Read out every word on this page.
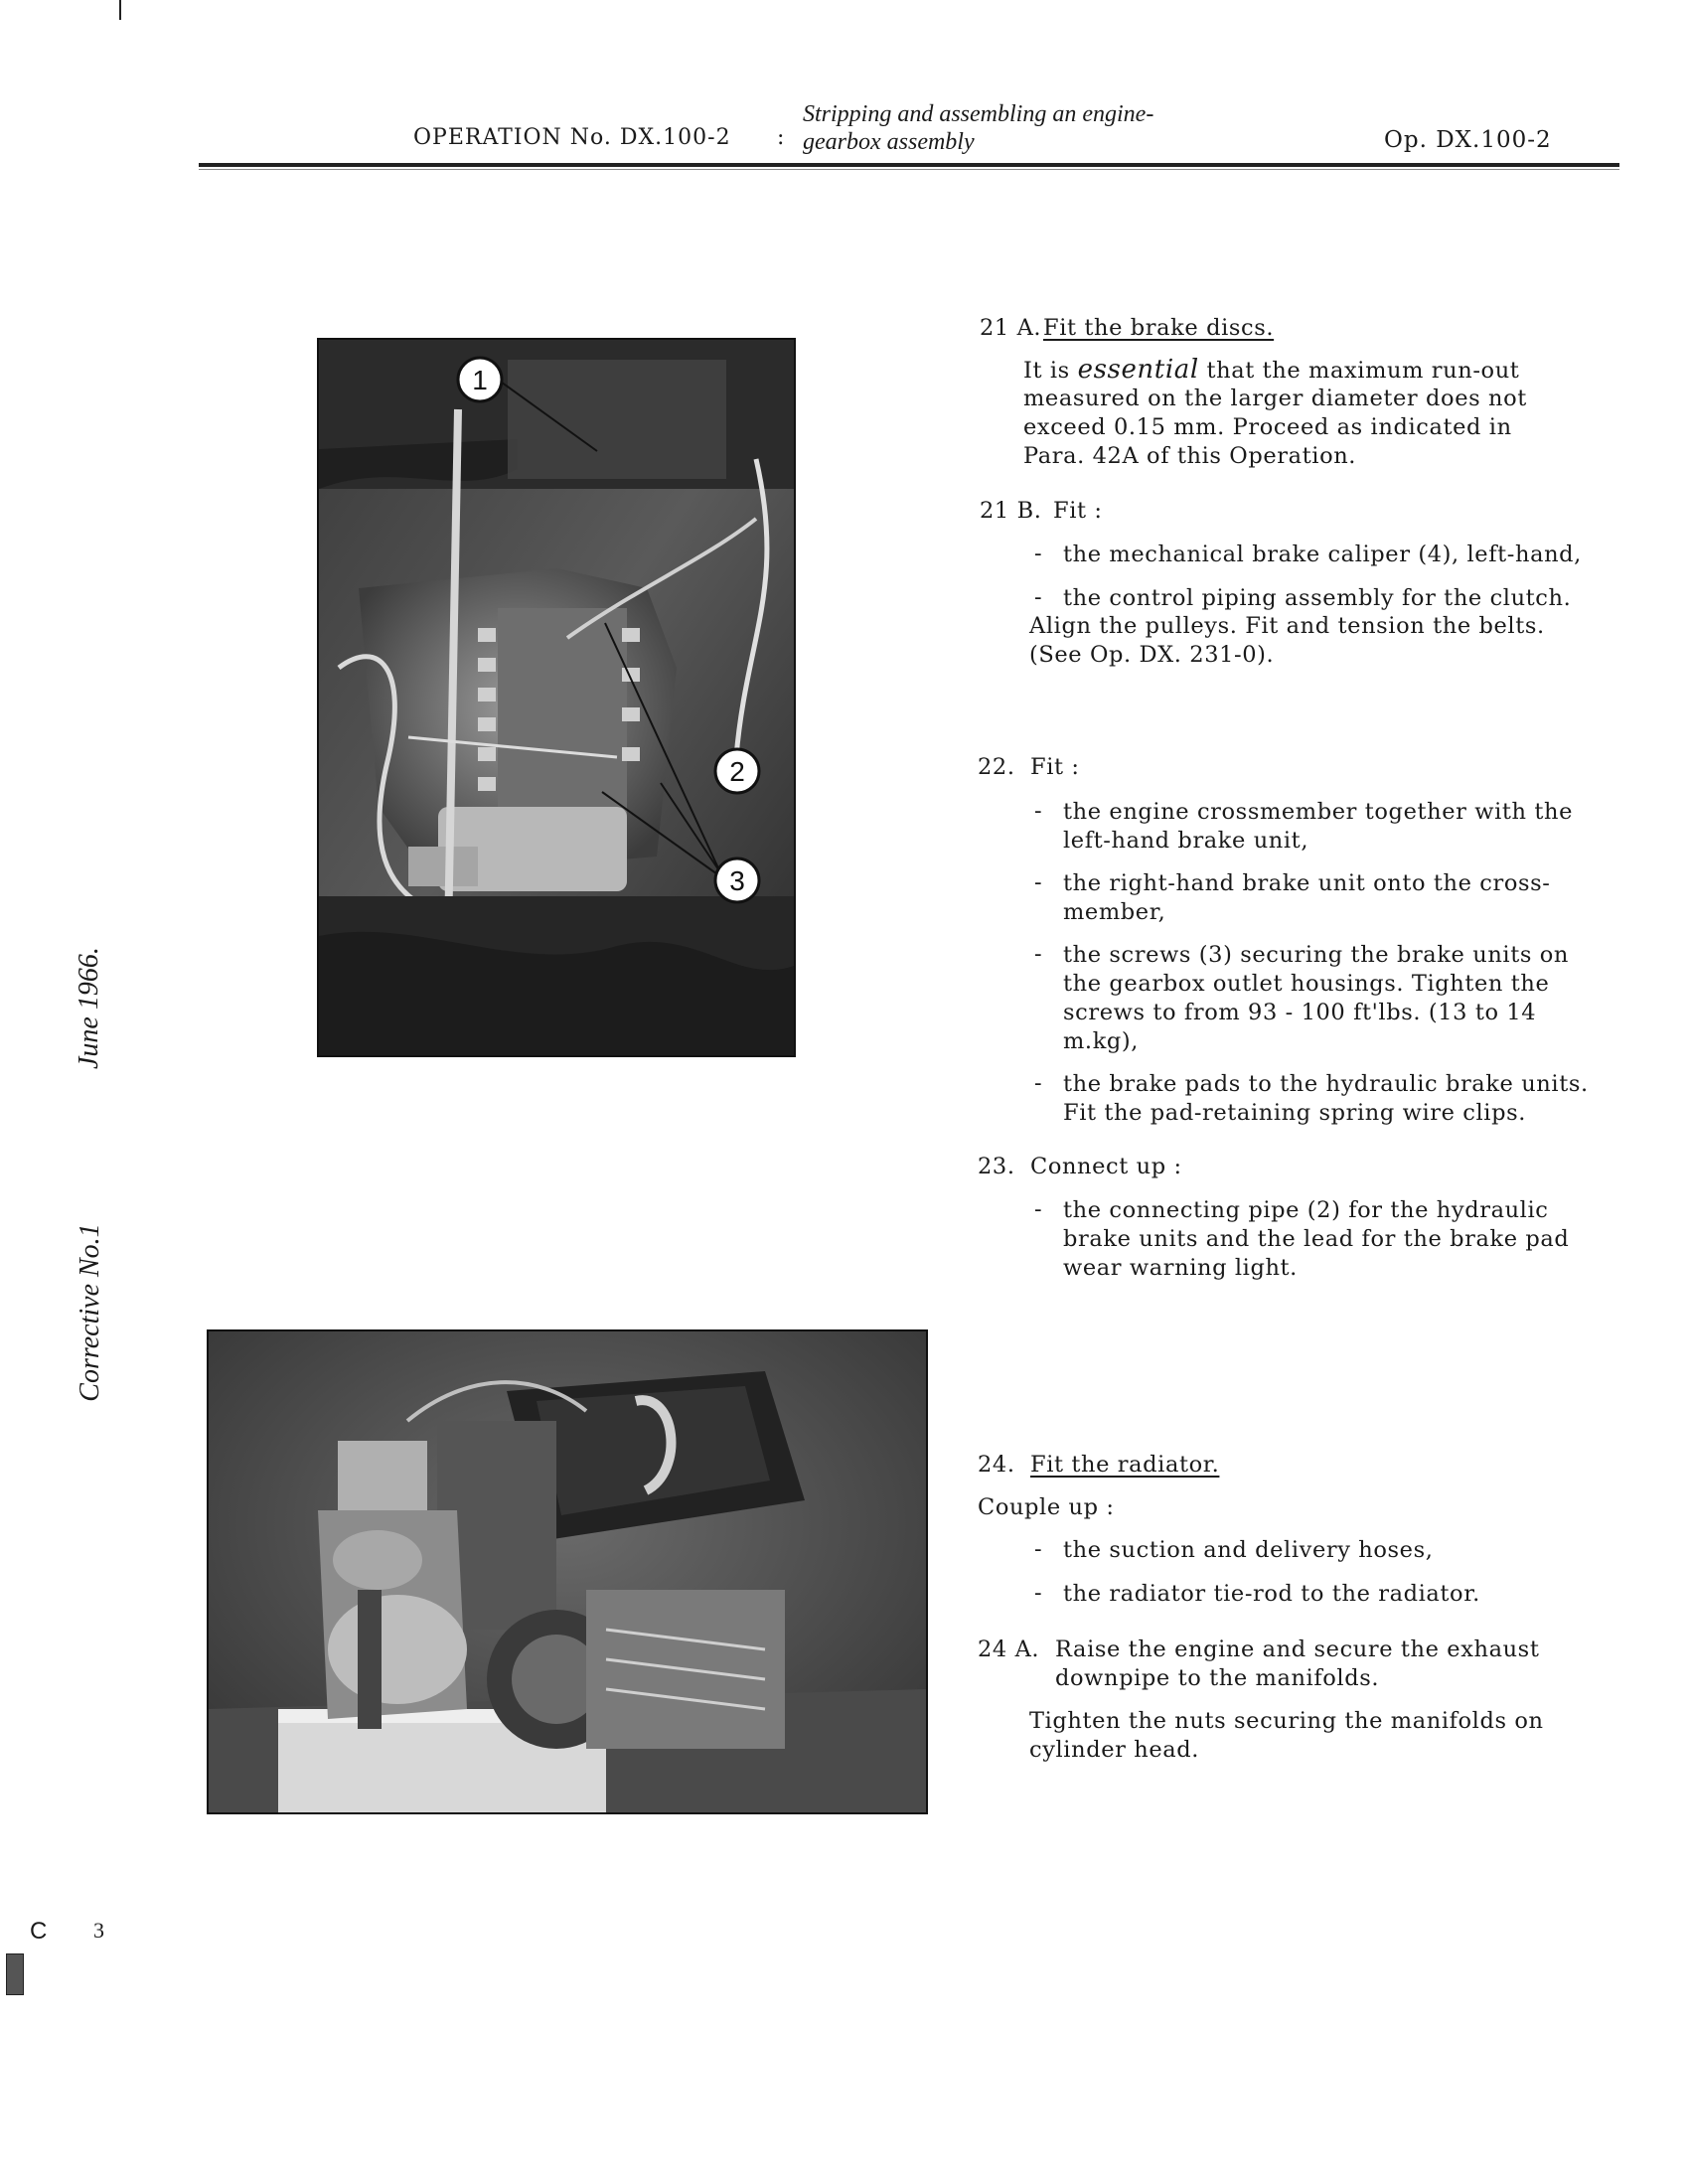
OPERATION No. DX.100-2 :
Stripping and assembling an engine-
gearbox assembly	Op. DX.100-2
June 1966.
Corrective No.1
C 3
1
2
3
21 A. Fit the brake discs.
It is essential that the maximum run-out
measured on the larger diameter does not
exceed 0.15 mm. Proceed as indicated in
Para. 42A of this Operation.
21 B. Fit :
- the mechanical brake caliper (4), left-hand,
- the control piping assembly for the clutch.
Align the pulleys. Fit and tension the belts.
(See Op. DX. 231-0).
22. Fit :
- the engine crossmember together with the
left-hand brake unit,
- the right-hand brake unit onto the cross-
member,
- the screws (3) securing the brake units on
the gearbox outlet housings. Tighten the
screws to from 93 - 100 ft'lbs. (13 to 14
m.kg),
- the brake pads to the hydraulic brake units.
Fit the pad-retaining spring wire clips.
23. Connect up :
- the connecting pipe (2) for the hydraulic
brake units and the lead for the brake pad
wear warning light.
24. Fit the radiator.
Couple up :
- the suction and delivery hoses,
- the radiator tie-rod to the radiator.
24 A. Raise the engine and secure the exhaust
downpipe to the manifolds.
Tighten the nuts securing the manifolds on
cylinder head.
